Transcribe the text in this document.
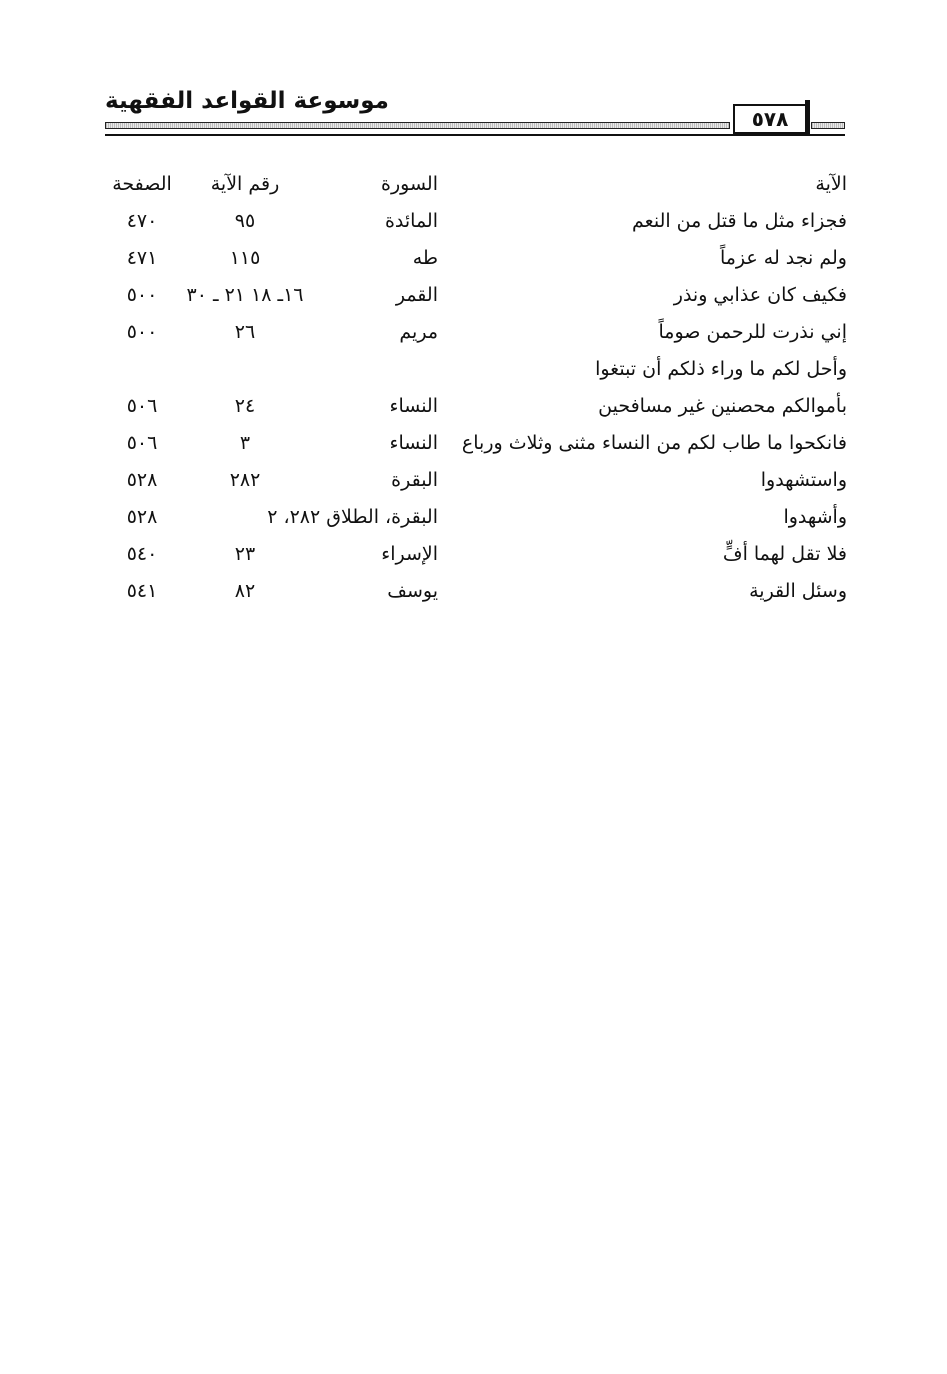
موسوعة القواعد الفقهية
٥٧٨
الآية
السورة
رقم الآية
الصفحة
فجزاء مثل ما قتل من النعم
المائدة
٩٥
٤٧٠
ولم نجد له عزماً
طه
١١٥
٤٧١
فكيف كان عذابي ونذر
القمر
١٦ـ ١٨ ٢١ ـ ٣٠
٥٠٠
إني نذرت للرحمن صوماً
مريم
٢٦
٥٠٠
وأحل لكم ما وراء ذلكم أن تبتغوا
بأموالكم محصنين غير مسافحين
النساء
٢٤
٥٠٦
فانكحوا ما طاب لكم من النساء مثنى وثلاث ورباع
النساء
٣
٥٠٦
واستشهدوا
البقرة
٢٨٢
٥٢٨
وأشهدوا
البقرة، الطلاق ٢٨٢، ٢
٥٢٨
فلا تقل لهما أفٍّ
الإسراء
٢٣
٥٤٠
وسئل القرية
يوسف
٨٢
٥٤١
